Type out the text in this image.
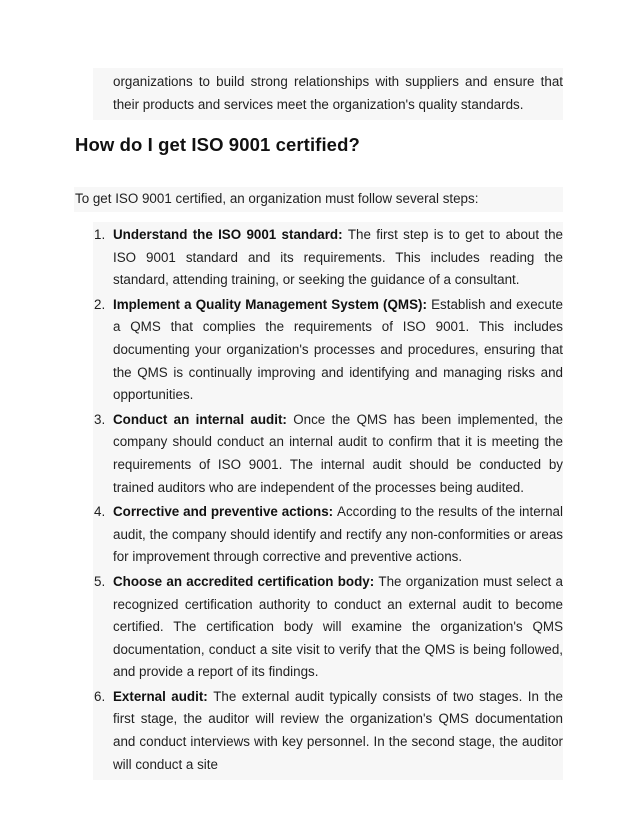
organizations to build strong relationships with suppliers and ensure that their products and services meet the organization's quality standards.
How do I get ISO 9001 certified?
To get ISO 9001 certified, an organization must follow several steps:
1. Understand the ISO 9001 standard: The first step is to get to about the ISO 9001 standard and its requirements. This includes reading the standard, attending training, or seeking the guidance of a consultant.
2. Implement a Quality Management System (QMS): Establish and execute a QMS that complies the requirements of ISO 9001. This includes documenting your organization's processes and procedures, ensuring that the QMS is continually improving and identifying and managing risks and opportunities.
3. Conduct an internal audit: Once the QMS has been implemented, the company should conduct an internal audit to confirm that it is meeting the requirements of ISO 9001. The internal audit should be conducted by trained auditors who are independent of the processes being audited.
4. Corrective and preventive actions: According to the results of the internal audit, the company should identify and rectify any non-conformities or areas for improvement through corrective and preventive actions.
5. Choose an accredited certification body: The organization must select a recognized certification authority to conduct an external audit to become certified. The certification body will examine the organization's QMS documentation, conduct a site visit to verify that the QMS is being followed, and provide a report of its findings.
6. External audit: The external audit typically consists of two stages. In the first stage, the auditor will review the organization's QMS documentation and conduct interviews with key personnel. In the second stage, the auditor will conduct a site
